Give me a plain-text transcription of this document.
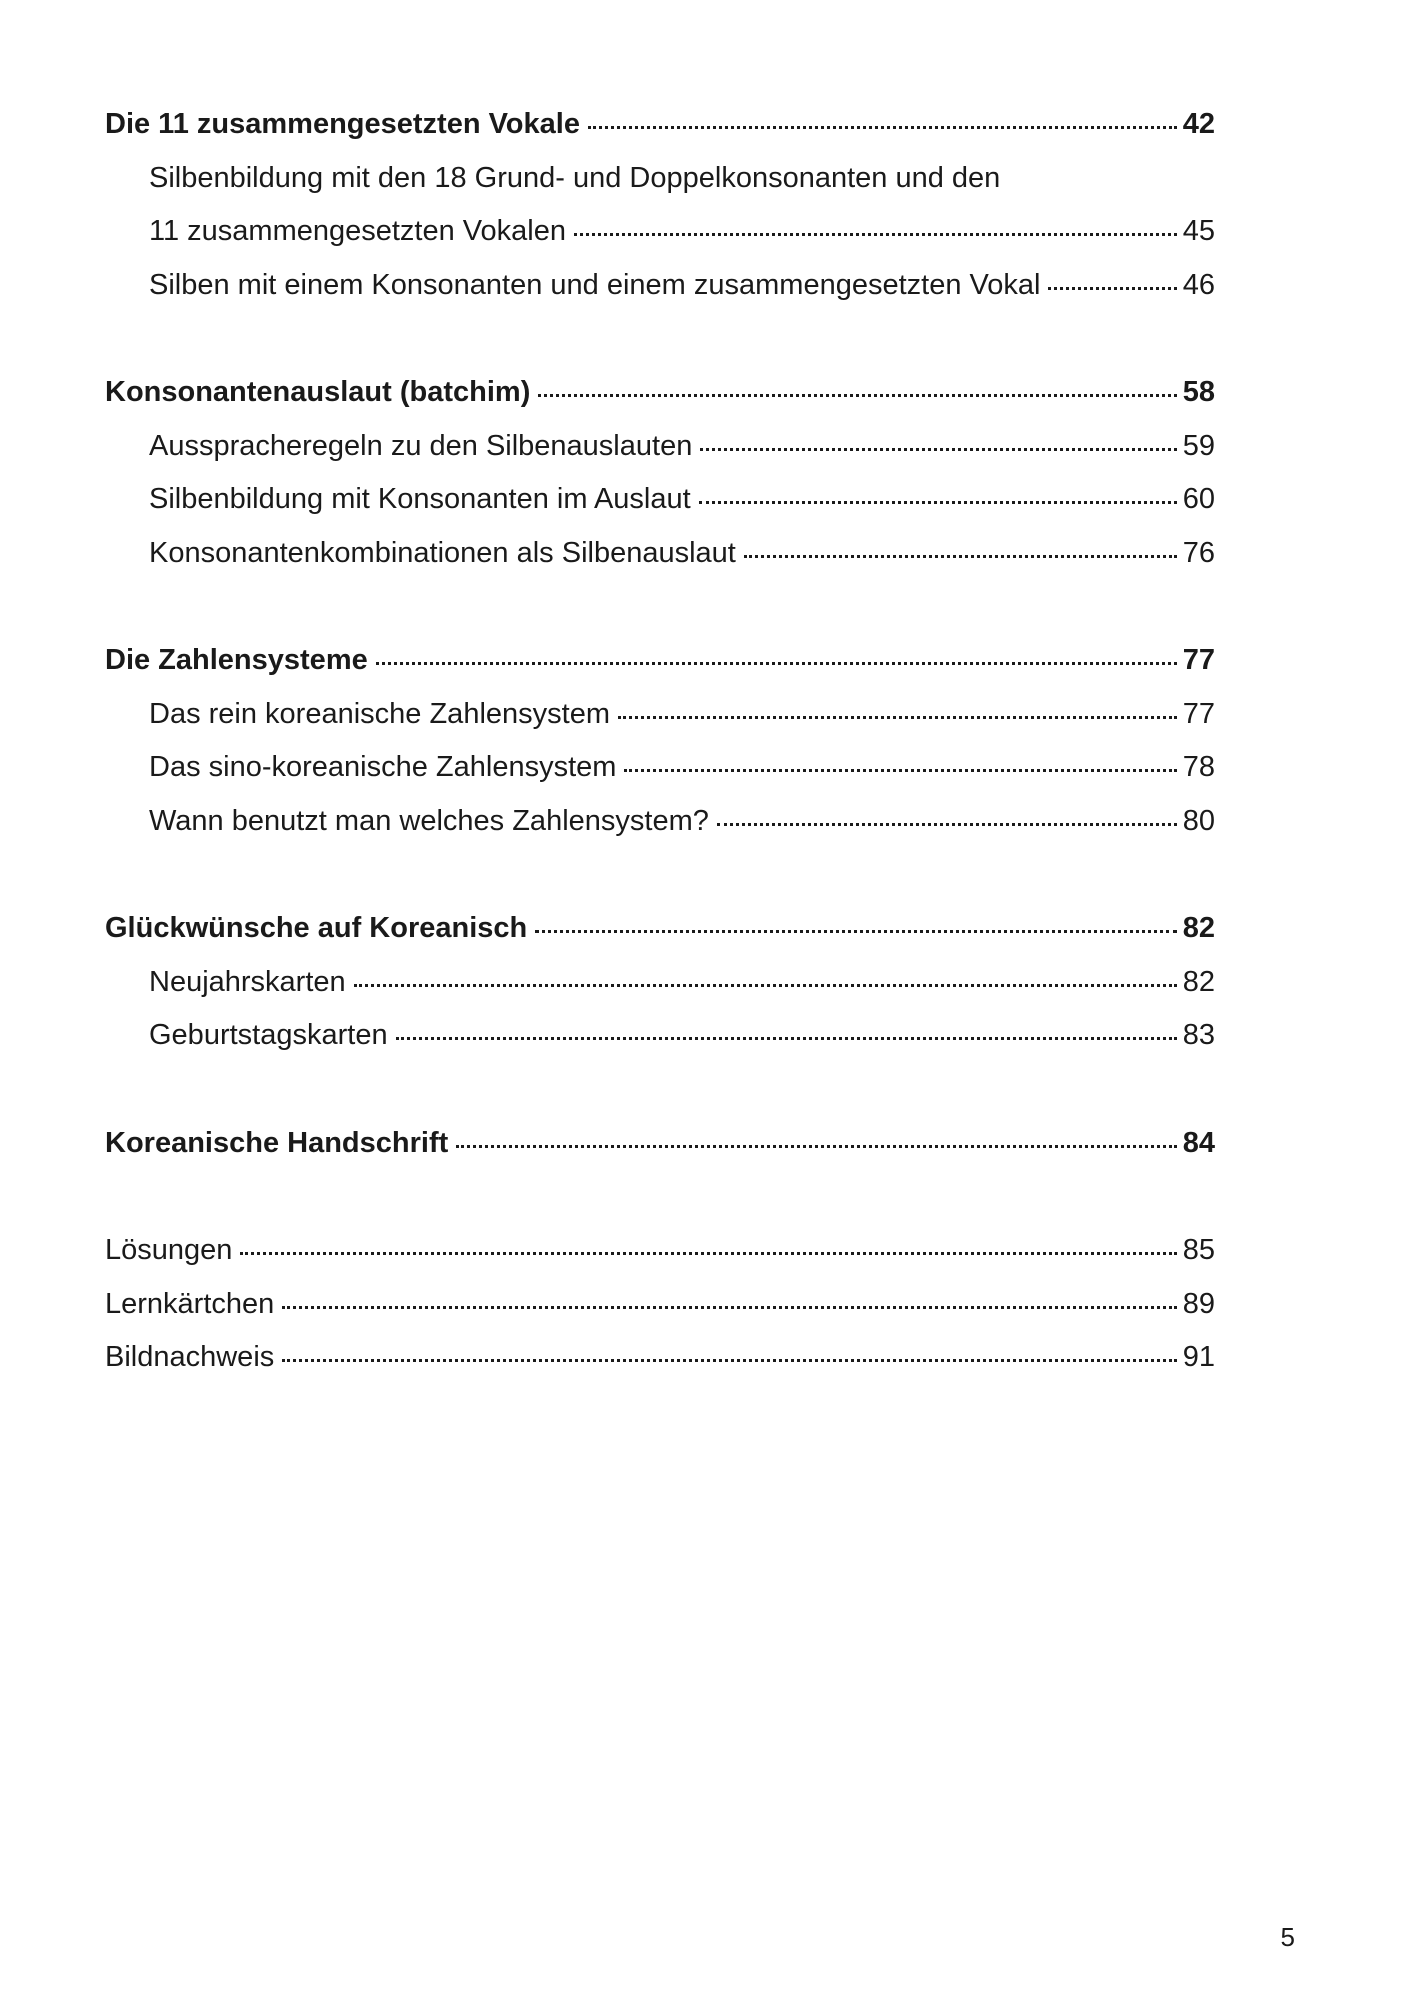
Die 11 zusammengesetzten Vokale	42
Silbenbildung mit den 18 Grund- und Doppelkonsonanten und den
11 zusammengesetzten Vokalen	45
Silben mit einem Konsonanten und einem zusammengesetzten Vokal	46
Konsonantenauslaut (batchim)	58
Ausspracheregeln zu den Silbenauslauten	59
Silbenbildung mit Konsonanten im Auslaut	60
Konsonantenkombinationen als Silbenauslaut	76
Die Zahlensysteme	77
Das rein koreanische Zahlensystem	77
Das sino-koreanische Zahlensystem	78
Wann benutzt man welches Zahlensystem?	80
Glückwünsche auf Koreanisch	82
Neujahrskarten	82
Geburtstagskarten	83
Koreanische Handschrift	84
Lösungen	85
Lernkärtchen	89
Bildnachweis	91
5
